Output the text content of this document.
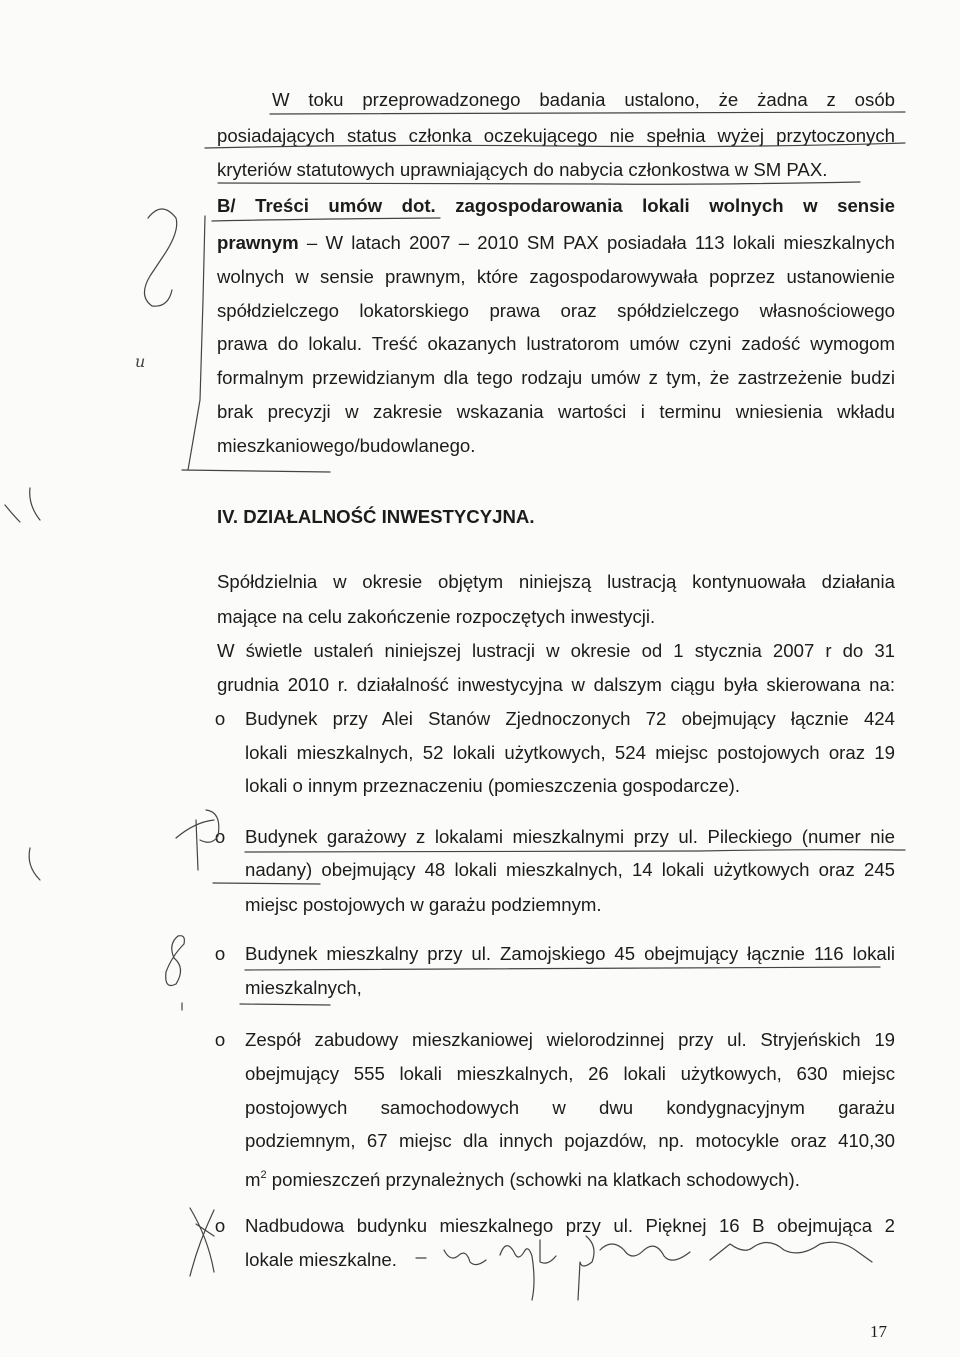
W toku przeprowadzonego badania ustalono, że żadna z osób
posiadających status członka oczekującego nie spełnia wyżej przytoczonych
kryteriów statutowych uprawniających do nabycia członkostwa w SM PAX.
B/ Treści umów dot. zagospodarowania lokali wolnych w sensie
prawnym – W latach 2007 – 2010 SM PAX posiadała 113 lokali mieszkalnych
wolnych w sensie prawnym, które zagospodarowywała poprzez ustanowienie
spółdzielczego lokatorskiego prawa oraz spółdzielczego własnościowego
prawa do lokalu. Treść okazanych lustratorom umów czyni zadość wymogom
formalnym przewidzianym dla tego rodzaju umów z tym, że zastrzeżenie budzi
brak precyzji w zakresie wskazania wartości i terminu wniesienia wkładu
mieszkaniowego/budowlanego.
IV. DZIAŁALNOŚĆ INWESTYCYJNA.
Spółdzielnia w okresie objętym niniejszą lustracją kontynuowała działania
mające na celu zakończenie rozpoczętych inwestycji.
W świetle ustaleń niniejszej lustracji w okresie od 1 stycznia 2007 r do 31
grudnia 2010 r. działalność inwestycyjna w dalszym ciągu była skierowana na:
o Budynek przy Alei Stanów Zjednoczonych 72 obejmujący łącznie 424
lokali mieszkalnych, 52 lokali użytkowych, 524 miejsc postojowych oraz 19
lokali o innym przeznaczeniu (pomieszczenia gospodarcze).
o Budynek garażowy z lokalami mieszkalnymi przy ul. Pileckiego (numer nie
nadany) obejmujący 48 lokali mieszkalnych, 14 lokali użytkowych oraz 245
miejsc postojowych w garażu podziemnym.
o Budynek mieszkalny przy ul. Zamojskiego 45 obejmujący łącznie 116 lokali
mieszkalnych,
o Zespół zabudowy mieszkaniowej wielorodzinnej przy ul. Stryjeńskich 19
obejmujący 555 lokali mieszkalnych, 26 lokali użytkowych, 630 miejsc
postojowych samochodowych w dwu kondygnacyjnym garażu
podziemnym, 67 miejsc dla innych pojazdów, np. motocykle oraz 410,30
$m^2$ pomieszczeń przynależnych (schowki na klatkach schodowych).
o Nadbudowa budynku mieszkalnego przy ul. Pięknej 16 B obejmująca 2
lokale mieszkalne.
u
17
